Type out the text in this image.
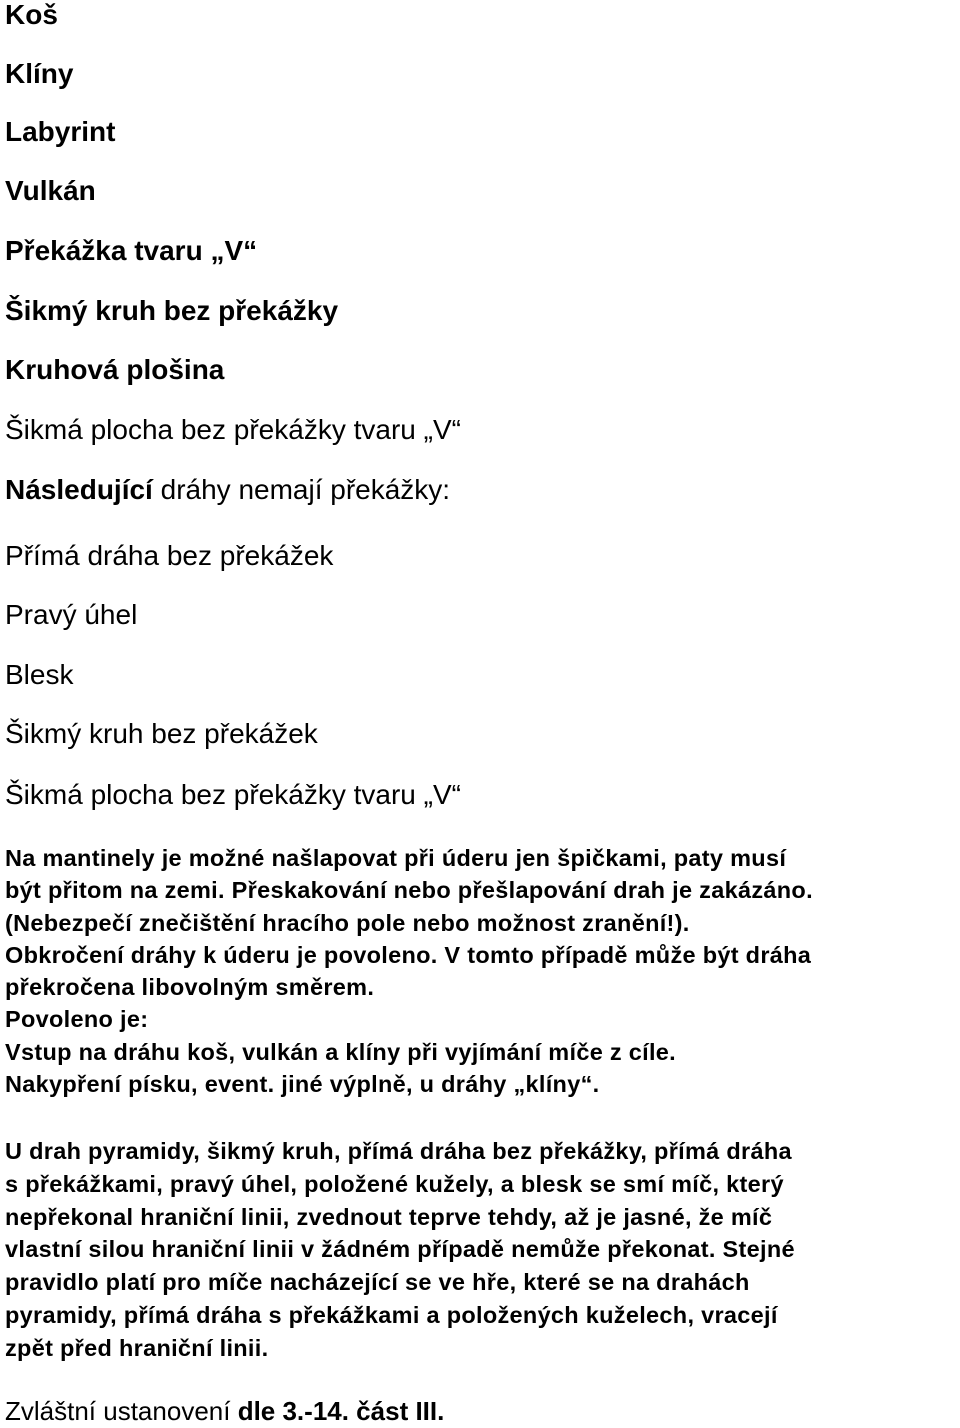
Koš
Klíny
Labyrint
Vulkán
Překážka tvaru „V“
Šikmý kruh bez překážky
Kruhová plošina
Šikmá plocha bez překážky tvaru „V“
Následující dráhy nemají překážky:
Přímá dráha bez překážek
Pravý úhel
Blesk
Šikmý kruh bez překážek
Šikmá plocha bez překážky tvaru „V“
Na mantinely je možné našlapovat při úderu jen špičkami, paty musí
být přitom na zemi. Přeskakování nebo přešlapování drah je zakázáno.
(Nebezpečí znečištění hracího pole nebo možnost zranění!).
Obkročení dráhy k úderu je povoleno. V tomto případě může být dráha
překročena libovolným směrem.
Povoleno je:
Vstup na dráhu koš, vulkán a klíny při vyjímání míče z cíle.
Nakypření písku, event. jiné výplně, u dráhy „klíny“.
U drah pyramidy, šikmý kruh, přímá dráha bez překážky, přímá dráha
s překážkami, pravý úhel, položené kužely, a blesk se smí míč, který
nepřekonal hraniční linii, zvednout teprve tehdy, až je jasné, že míč
vlastní silou hraniční linii v žádném případě nemůže překonat. Stejné
pravidlo platí pro míče nacházející se ve hře, které se na drahách
pyramidy, přímá dráha s překážkami a položených kuželech, vracejí
zpět před hraniční linii.
Zvláštní ustanovení dle 3.-14. část III.
